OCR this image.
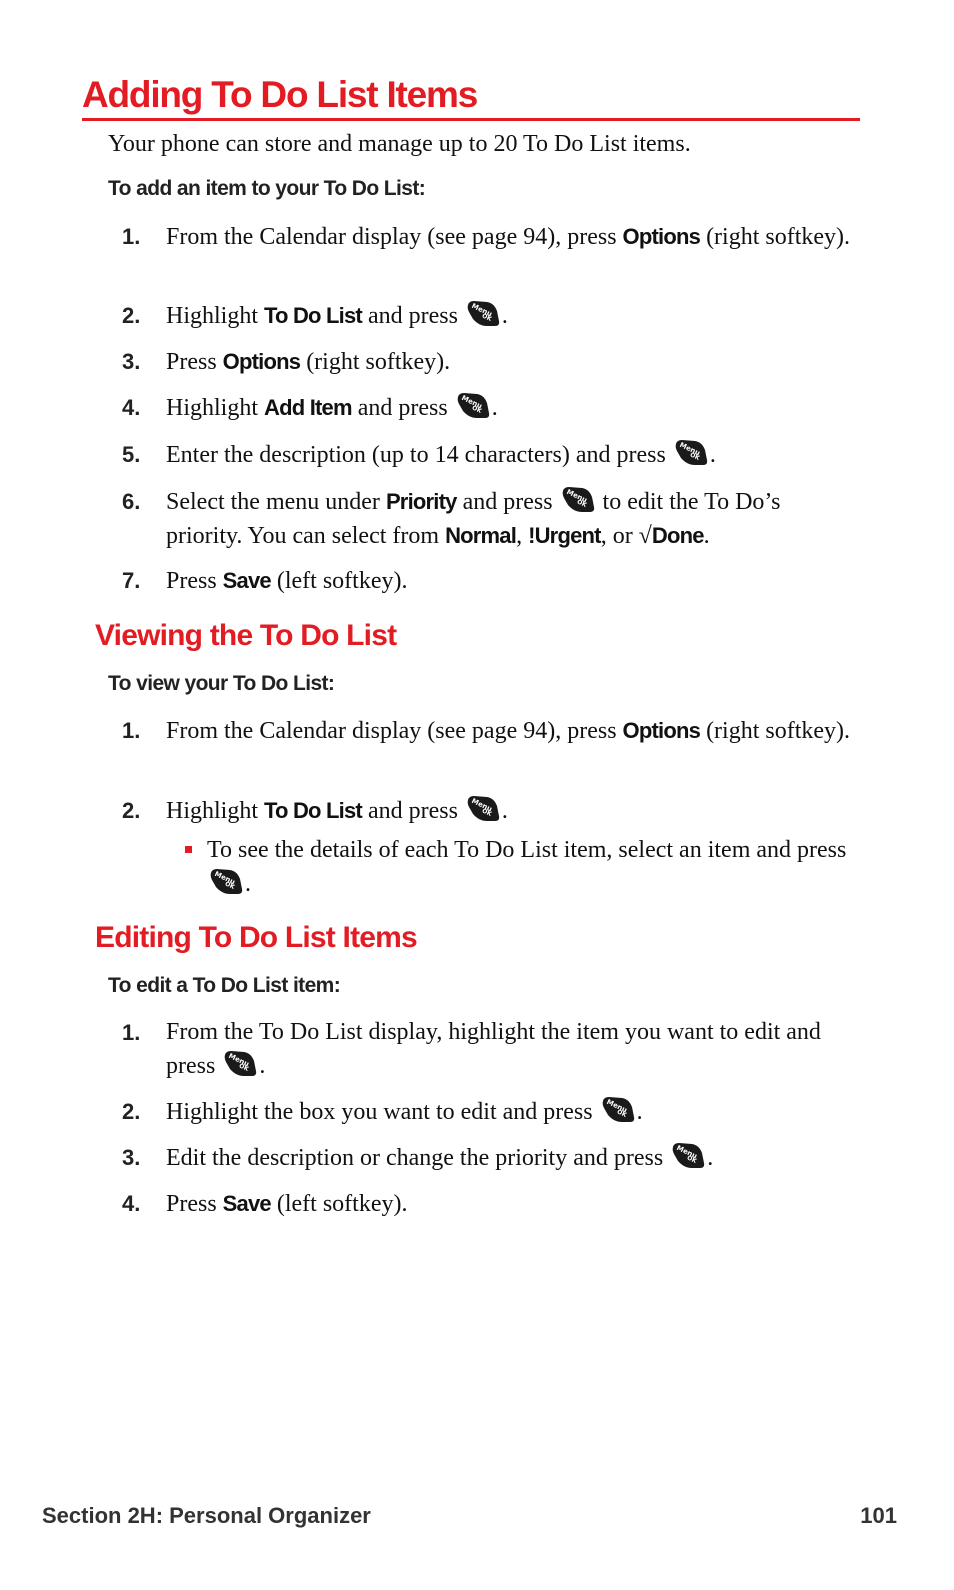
Adding To Do List Items
Your phone can store and manage up to 20 To Do List items.
To add an item to your To Do List:
1.	From the Calendar display (see page 94), press Options (right softkey).
2.	Highlight To Do List and press .
3.	Press Options (right softkey).
4.	Highlight Add Item and press .
5.	Enter the description (up to 14 characters) and press .
6.	Select the menu under Priority and press  to edit the To Do’s priority. You can select from Normal, !Urgent, or √Done.
7.	Press Save (left softkey).
Viewing the To Do List
To view your To Do List:
1.	From the Calendar display (see page 94), press Options (right softkey).
2.	Highlight To Do List and press .
To see the details of each To Do List item, select an item and press .
Editing To Do List Items
To edit a To Do List item:
1.	From the To Do List display, highlight the item you want to edit and press .
2.	Highlight the box you want to edit and press .
3.	Edit the description or change the priority and press .
4.	Press Save (left softkey).
Section 2H: Personal Organizer	101
